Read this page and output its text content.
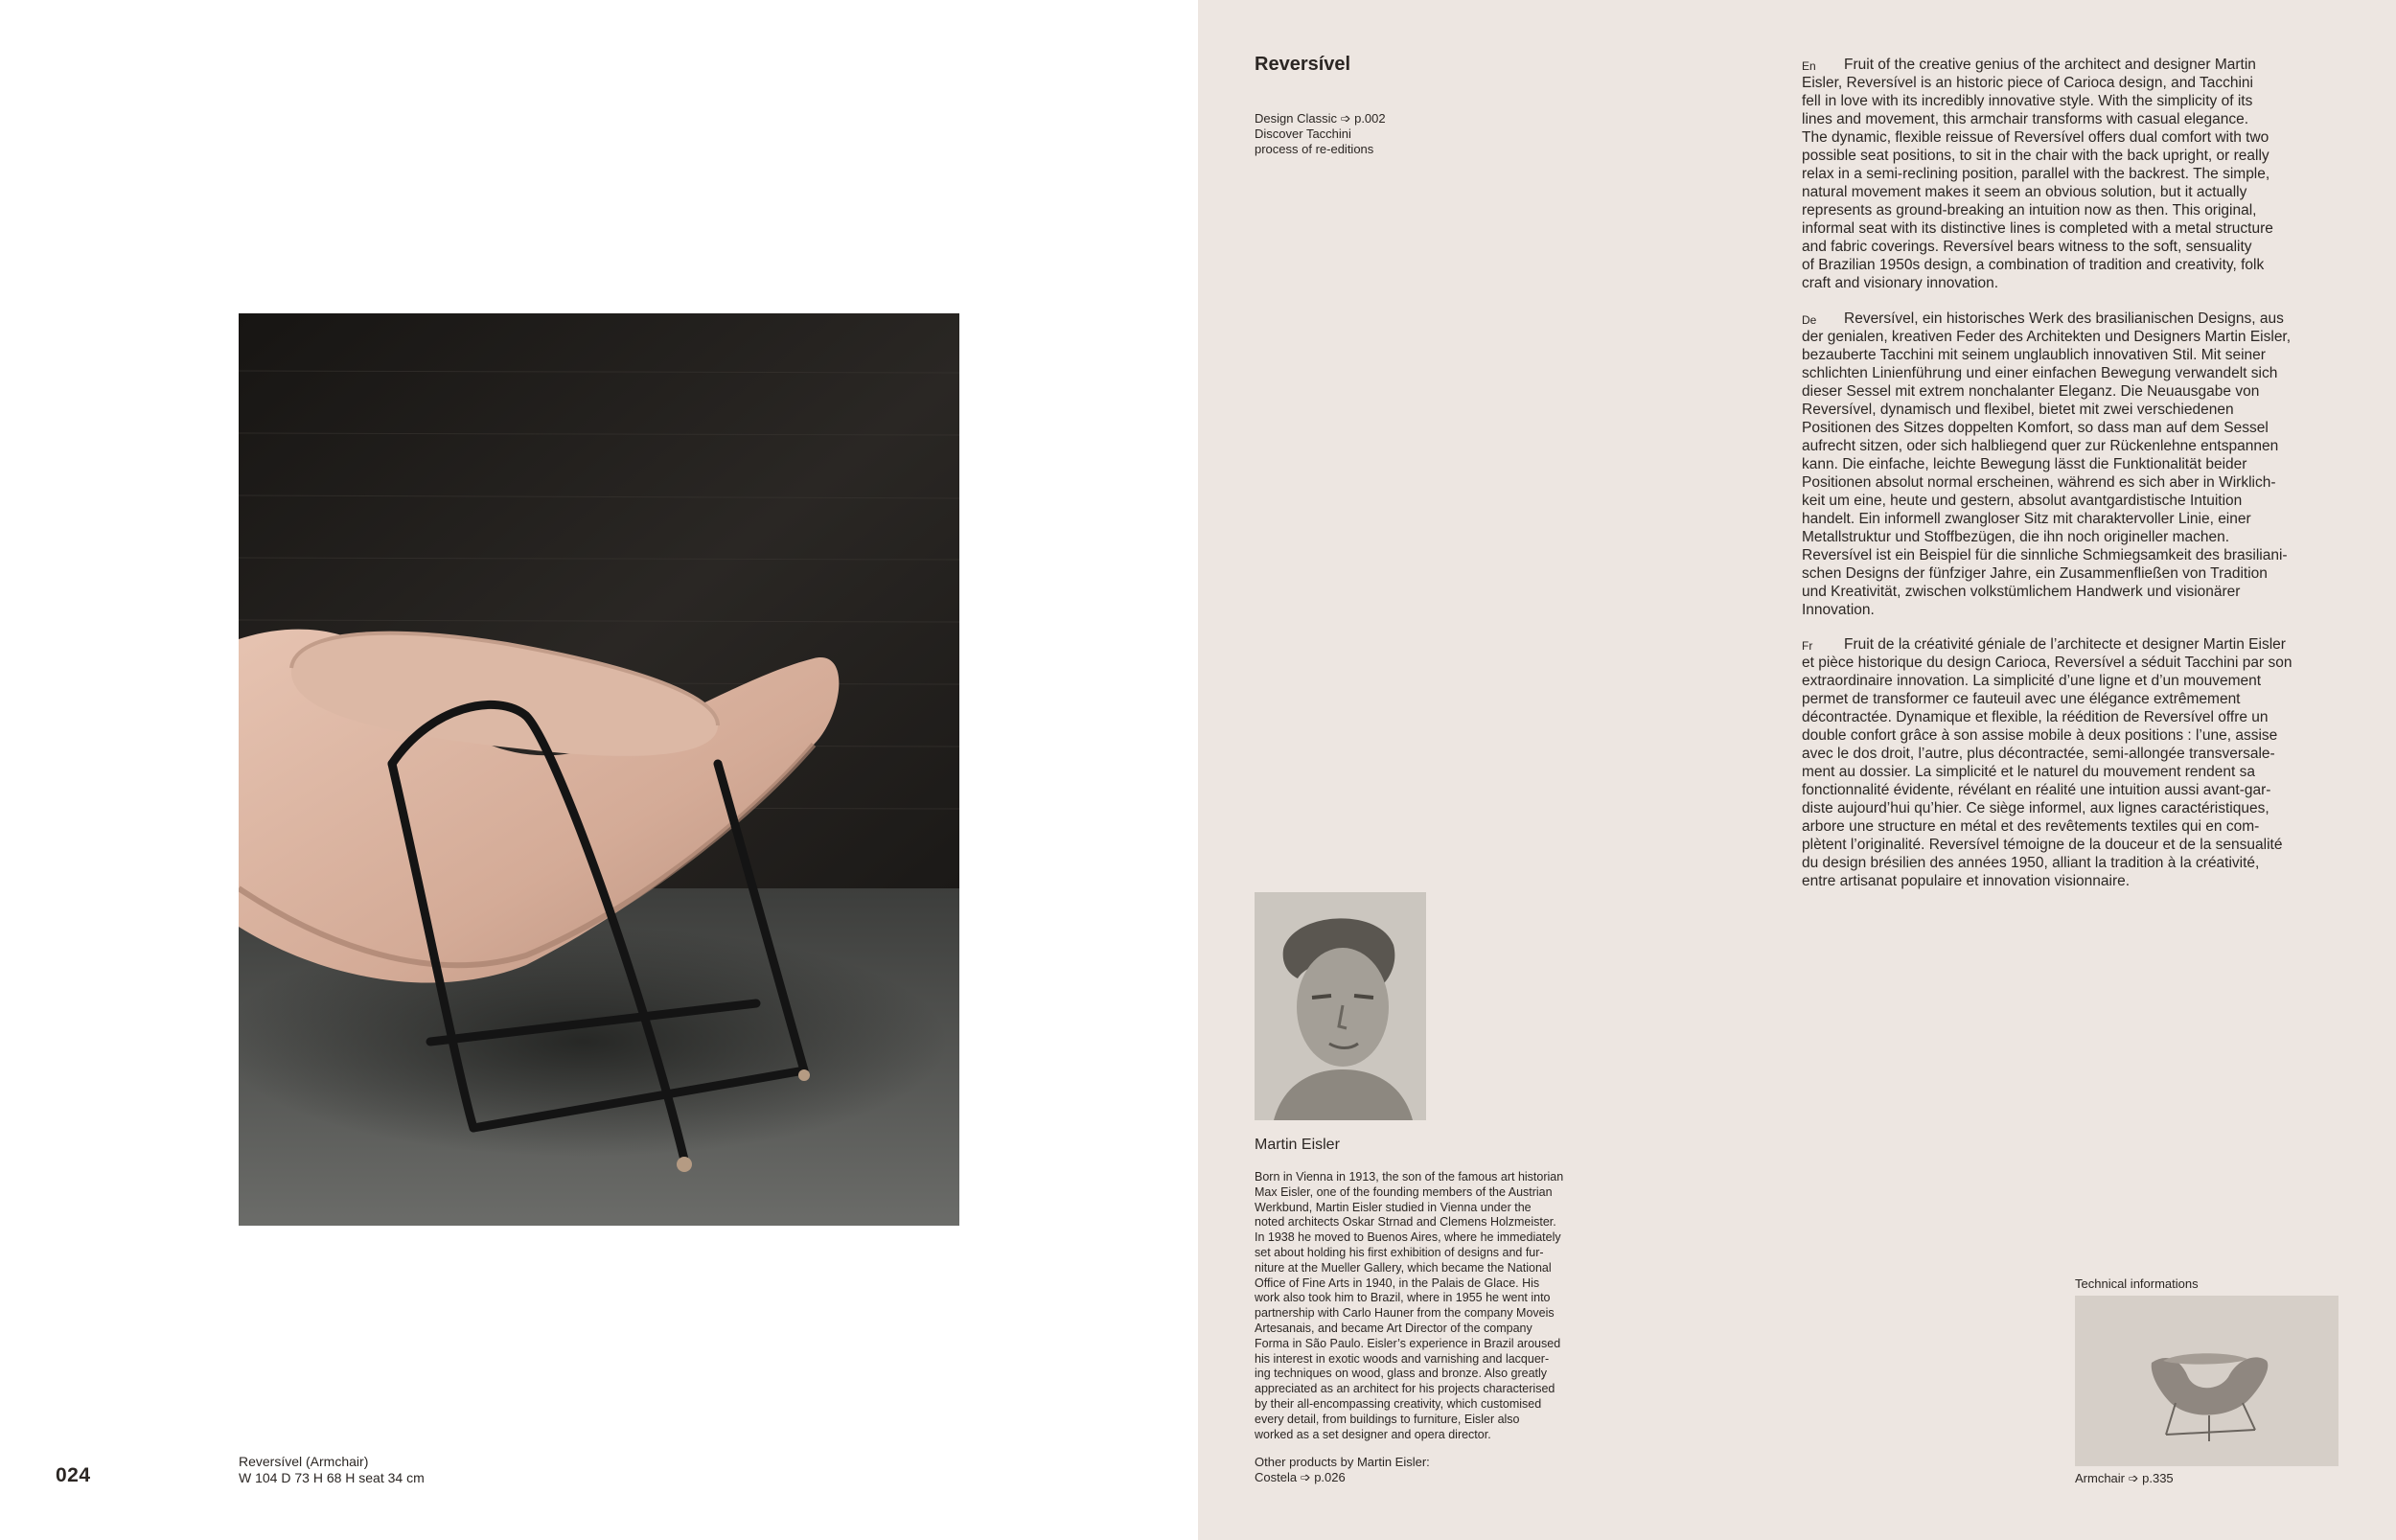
024
Reversível (Armchair)
W 104 D 73 H 68 H seat 34 cm
Reversível
Design Classic ➩ p.002
Discover Tacchini
process of re-editions
En	Fruit of the creative genius of the architect and designer Martin
Eisler, Reversível is an historic piece of Carioca design, and Tacchini
fell in love with its incredibly innovative style. With the simplicity of its
lines and movement, this armchair transforms with casual elegance.
The dynamic, flexible reissue of Reversível offers dual comfort with two
possible seat positions, to sit in the chair with the back upright, or really
relax in a semi-reclining position, parallel with the backrest. The simple,
natural movement makes it seem an obvious solution, but it actually
represents as ground-breaking an intuition now as then. This original,
informal seat with its distinctive lines is completed with a metal structure
and fabric coverings. Reversível bears witness to the soft, sensuality
of Brazilian 1950s design, a combination of tradition and creativity, folk
craft and visionary innovation.

De	Reversível, ein historisches Werk des brasilianischen Designs, aus
der genialen, kreativen Feder des Architekten und Designers Martin Eisler,
bezauberte Tacchini mit seinem unglaublich innovativen Stil. Mit seiner
schlichten Linienführung und einer einfachen Bewegung verwandelt sich
dieser Sessel mit extrem nonchalanter Eleganz. Die Neuausgabe von
Reversível, dynamisch und flexibel, bietet mit zwei verschiedenen
Positionen des Sitzes doppelten Komfort, so dass man auf dem Sessel
aufrecht sitzen, oder sich halbliegend quer zur Rückenlehne entspannen
kann. Die einfache, leichte Bewegung lässt die Funktionalität beider
Positionen absolut normal erscheinen, während es sich aber in Wirklich-
keit um eine, heute und gestern, absolut avantgardistische Intuition
handelt. Ein informell zwangloser Sitz mit charaktervoller Linie, einer
Metallstruktur und Stoffbezügen, die ihn noch origineller machen.
Reversível ist ein Beispiel für die sinnliche Schmiegsamkeit des brasiliani-
schen Designs der fünfziger Jahre, ein Zusammenfließen von Tradition
und Kreativität, zwischen volkstümlichem Handwerk und visionärer
Innovation.

Fr	Fruit de la créativité géniale de l’architecte et designer Martin Eisler
et pièce historique du design Carioca, Reversível a séduit Tacchini par son
extraordinaire innovation. La simplicité d’une ligne et d’un mouvement
permet de transformer ce fauteuil avec une élégance extrêmement
décontractée. Dynamique et flexible, la réédition de Reversível offre un
double confort grâce à son assise mobile à deux positions : l’une, assise
avec le dos droit, l’autre, plus décontractée, semi-allongée transversale-
ment au dossier. La simplicité et le naturel du mouvement rendent sa
fonctionnalité évidente, révélant en réalité une intuition aussi avant-gar-
diste aujourd’hui qu’hier. Ce siège informel, aux lignes caractéristiques,
arbore une structure en métal et des revêtements textiles qui en com-
plètent l’originalité. Reversível témoigne de la douceur et de la sensualité
du design brésilien des années 1950, alliant la tradition à la créativité,
entre artisanat populaire et innovation visionnaire.

Martin Eisler
Born in Vienna in 1913, the son of the famous art historian
Max Eisler, one of the founding members of the Austrian
Werkbund, Martin Eisler studied in Vienna under the
noted architects Oskar Strnad and Clemens Holzmeister.
In 1938 he moved to Buenos Aires, where he immediately
set about holding his first exhibition of designs and fur-
niture at the Mueller Gallery, which became the National
Office of Fine Arts in 1940, in the Palais de Glace. His
work also took him to Brazil, where in 1955 he went into
partnership with Carlo Hauner from the company Moveis
Artesanais, and became Art Director of the company
Forma in São Paulo. Eisler’s experience in Brazil aroused
his interest in exotic woods and varnishing and lacquer-
ing techniques on wood, glass and bronze. Also greatly
appreciated as an architect for his projects characterised
by their all-encompassing creativity, which customised
every detail, from buildings to furniture, Eisler also
worked as a set designer and opera director.
Other products by Martin Eisler:
Costela ➩ p.026
Technical informations
Armchair ➩ p.335
